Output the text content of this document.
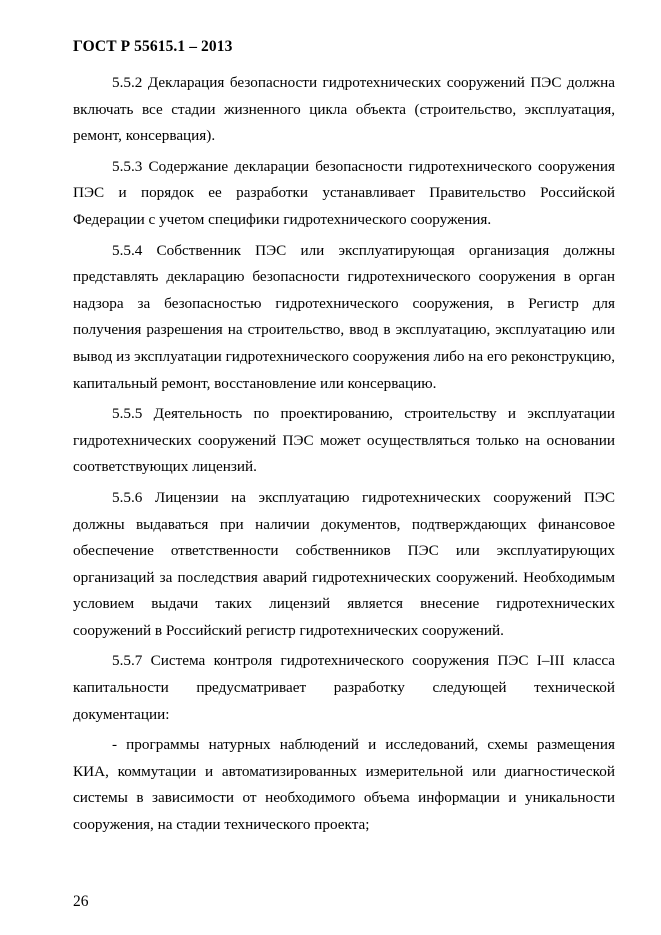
ГОСТ Р 55615.1 – 2013

5.5.2 Декларация безопасности гидротехнических сооружений ПЭС должна включать все стадии жизненного цикла объекта (строительство, эксплуатация, ремонт, консервация).

5.5.3 Содержание декларации безопасности гидротехнического сооружения ПЭС и порядок ее разработки устанавливает Правительство Российской Федерации с учетом специфики гидротехнического сооружения.

5.5.4 Собственник ПЭС или эксплуатирующая организация должны представлять декларацию безопасности гидротехнического сооружения в орган надзора за безопасностью гидротехнического сооружения, в Регистр для получения разрешения на строительство, ввод в эксплуатацию, эксплуатацию или вывод из эксплуатации гидротехнического сооружения либо на его реконструкцию, капитальный ремонт, восстановление или консервацию.

5.5.5 Деятельность по проектированию, строительству и эксплуатации гидротехнических сооружений ПЭС может осуществляться только на основании соответствующих лицензий.

5.5.6 Лицензии на эксплуатацию гидротехнических сооружений ПЭС должны выдаваться при наличии документов, подтверждающих финансовое обеспечение ответственности собственников ПЭС или эксплуатирующих организаций за последствия аварий гидротехнических сооружений. Необходимым условием выдачи таких лицензий является внесение гидротехнических сооружений в Российский регистр гидротехнических сооружений.

5.5.7 Система контроля гидротехнического сооружения ПЭС I–III класса капитальности предусматривает разработку следующей технической документации:

- программы натурных наблюдений и исследований, схемы размещения КИА, коммутации и автоматизированных измерительной или диагностической системы в зависимости от необходимого объема информации и уникальности сооружения, на стадии технического проекта;

26
